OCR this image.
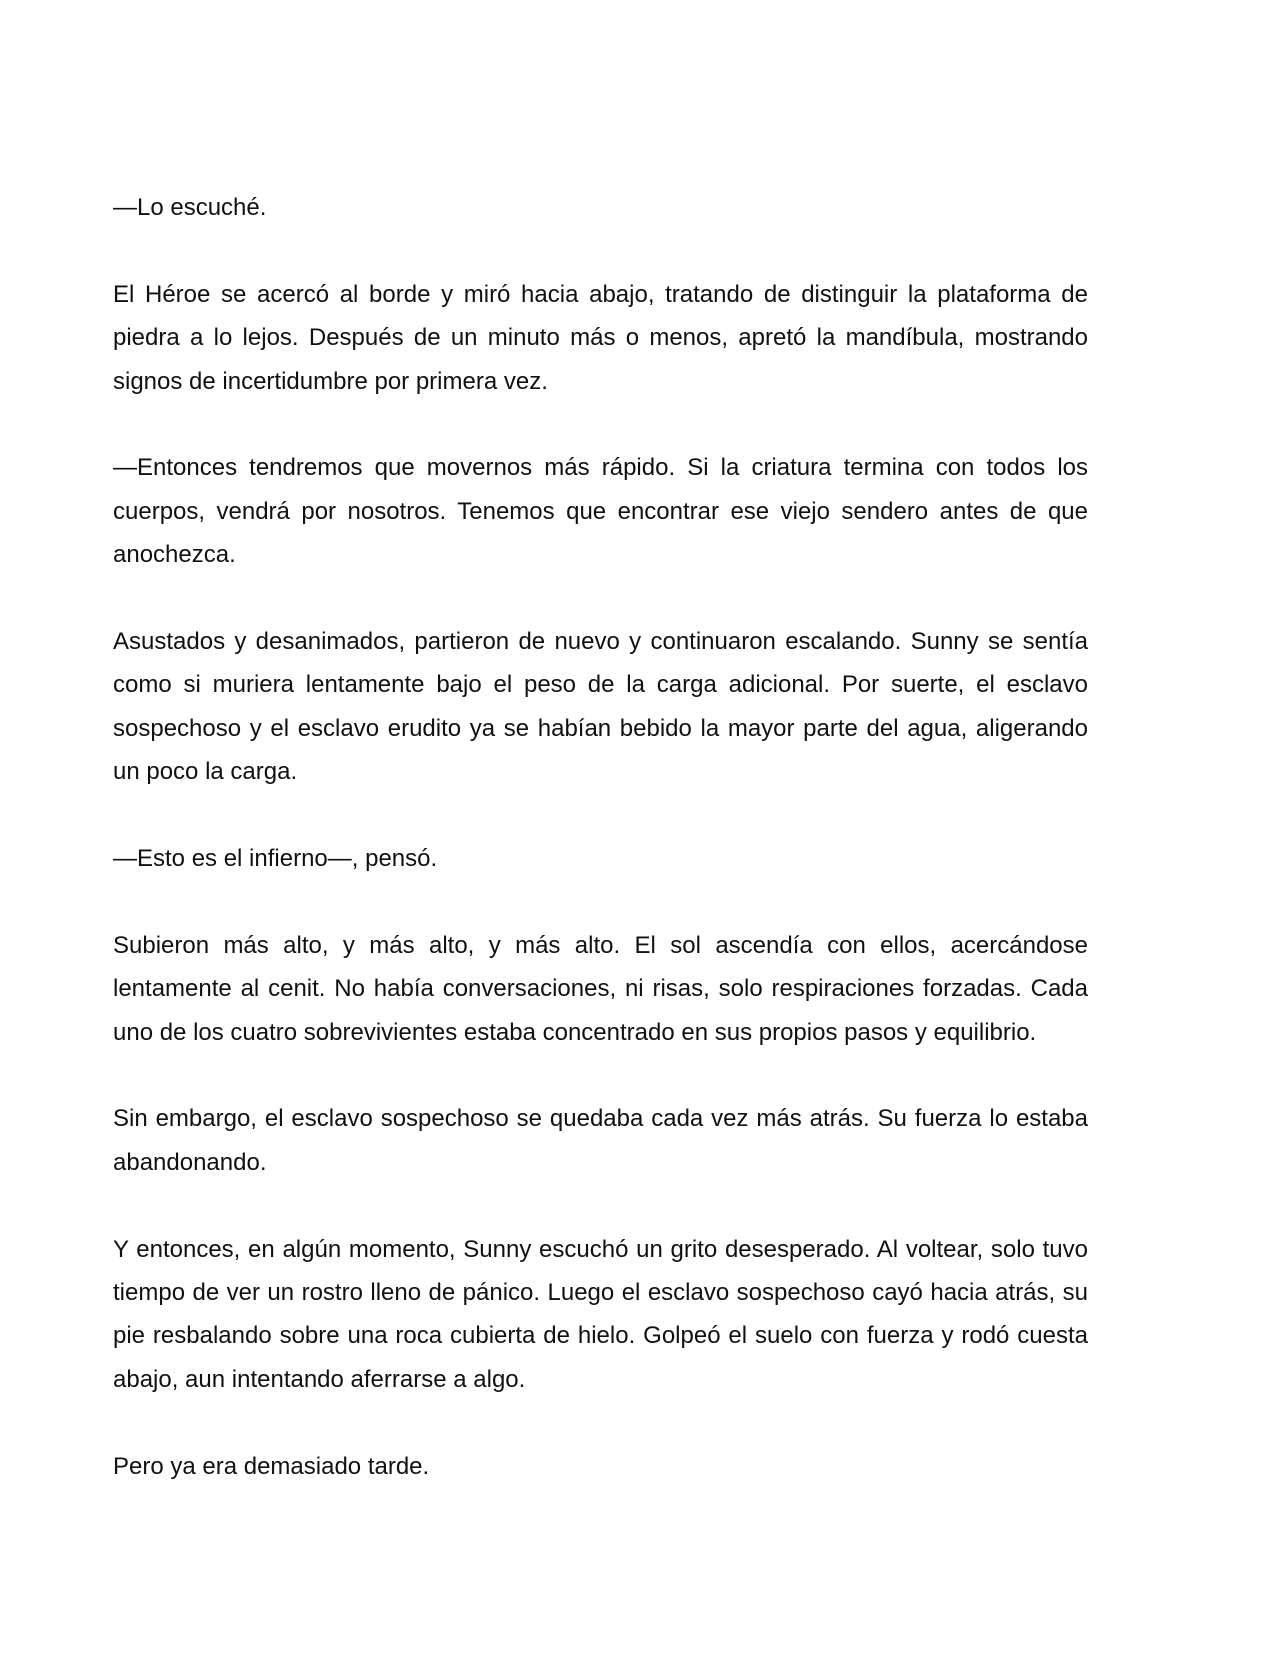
—Lo escuché.

El Héroe se acercó al borde y miró hacia abajo, tratando de distinguir la plataforma de piedra a lo lejos. Después de un minuto más o menos, apretó la mandíbula, mostrando signos de incertidumbre por primera vez.

—Entonces tendremos que movernos más rápido. Si la criatura termina con todos los cuerpos, vendrá por nosotros. Tenemos que encontrar ese viejo sendero antes de que anochezca.

Asustados y desanimados, partieron de nuevo y continuaron escalando. Sunny se sentía como si muriera lentamente bajo el peso de la carga adicional. Por suerte, el esclavo sospechoso y el esclavo erudito ya se habían bebido la mayor parte del agua, aligerando un poco la carga.

—Esto es el infierno—, pensó.

Subieron más alto, y más alto, y más alto. El sol ascendía con ellos, acercándose lentamente al cenit. No había conversaciones, ni risas, solo respiraciones forzadas. Cada uno de los cuatro sobrevivientes estaba concentrado en sus propios pasos y equilibrio.

Sin embargo, el esclavo sospechoso se quedaba cada vez más atrás. Su fuerza lo estaba abandonando.

Y entonces, en algún momento, Sunny escuchó un grito desesperado. Al voltear, solo tuvo tiempo de ver un rostro lleno de pánico. Luego el esclavo sospechoso cayó hacia atrás, su pie resbalando sobre una roca cubierta de hielo. Golpeó el suelo con fuerza y rodó cuesta abajo, aun intentando aferrarse a algo.

Pero ya era demasiado tarde.
